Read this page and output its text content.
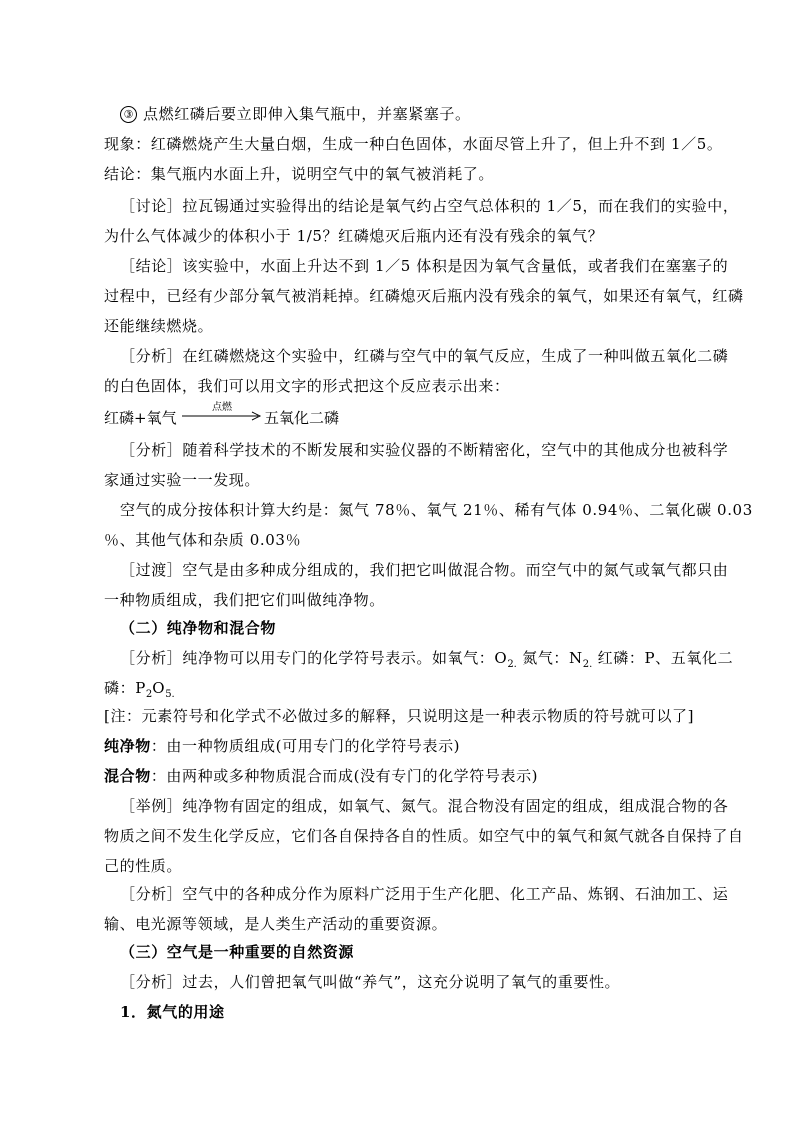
③ 点燃红磷后要立即伸入集气瓶中，并塞紧塞子。
现象：红磷燃烧产生大量白烟，生成一种白色固体，水面尽管上升了，但上升不到 1／5。
结论：集气瓶内水面上升，说明空气中的氧气被消耗了。
［讨论］拉瓦锡通过实验得出的结论是氧气约占空气总体积的 1／5，而在我们的实验中，
为什么气体减少的体积小于 1/5？红磷熄灭后瓶内还有没有残余的氧气？
［结论］该实验中，水面上升达不到 1／5 体积是因为氧气含量低，或者我们在塞塞子的
过程中，已经有少部分氧气被消耗掉。红磷熄灭后瓶内没有残余的氧气，如果还有氧气，红磷
还能继续燃烧。
［分析］在红磷燃烧这个实验中，红磷与空气中的氧气反应，生成了一种叫做五氧化二磷
的白色固体，我们可以用文字的形式把这个反应表示出来：
红磷+氧气
点燃
五氧化二磷
［分析］随着科学技术的不断发展和实验仪器的不断精密化，空气中的其他成分也被科学
家通过实验一一发现。
空气的成分按体积计算大约是：氮气 78％、氧气 21％、稀有气体 0.94％、二氧化碳 0.03
％、其他气体和杂质 0.03％
［过渡］空气是由多种成分组成的，我们把它叫做混合物。而空气中的氮气或氧气都只由
一种物质组成，我们把它们叫做纯净物。
（二）纯净物和混合物
［分析］纯净物可以用专门的化学符号表示。如氧气：$O_{2.}$ 氮气：$N_{2.}$ 红磷：P、五氧化二
磷：$P_2O_{5.}$
[注：元素符号和化学式不必做过多的解释，只说明这是一种表示物质的符号就可以了]
纯净物：由一种物质组成(可用专门的化学符号表示)
混合物：由两种或多种物质混合而成(没有专门的化学符号表示)
［举例］纯净物有固定的组成，如氧气、氮气。混合物没有固定的组成，组成混合物的各
物质之间不发生化学反应，它们各自保持各自的性质。如空气中的氧气和氮气就各自保持了自
己的性质。
［分析］空气中的各种成分作为原料广泛用于生产化肥、化工产品、炼钢、石油加工、运
输、电光源等领域，是人类生产活动的重要资源。
（三）空气是一种重要的自然资源
［分析］过去，人们曾把氧气叫做“养气”，这充分说明了氧气的重要性。
1．氮气的用途
